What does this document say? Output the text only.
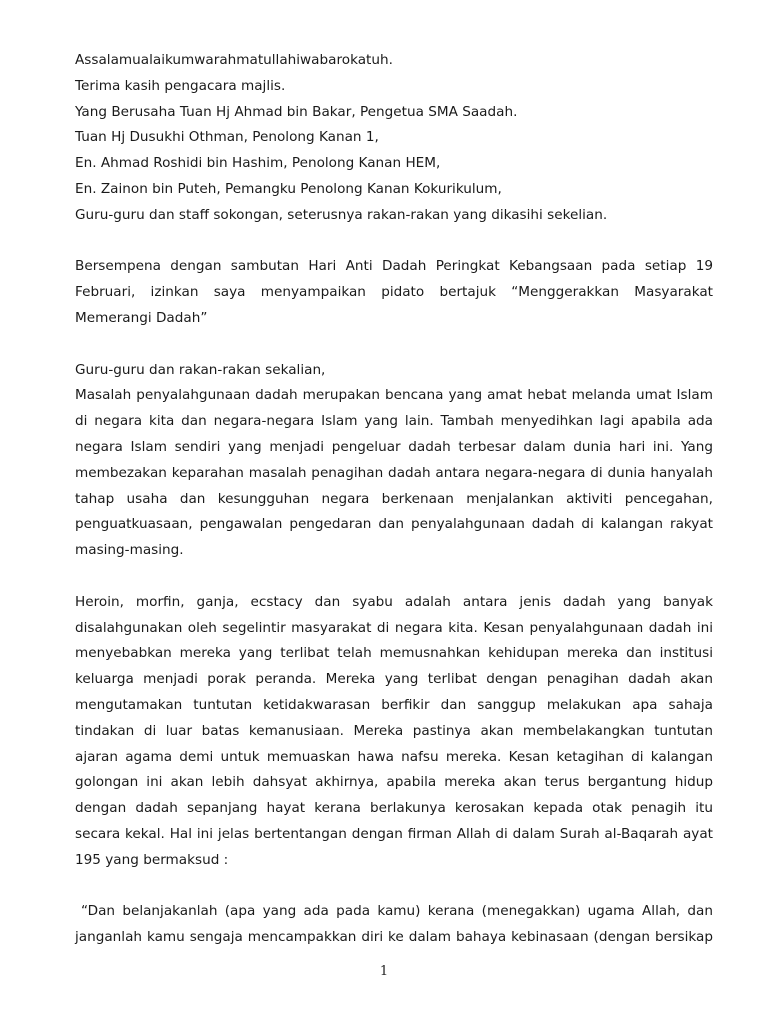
Assalamualaikumwarahmatullahiwabarokatuh.
Terima kasih pengacara majlis.
Yang Berusaha Tuan Hj Ahmad bin Bakar, Pengetua SMA Saadah.
Tuan Hj Dusukhi Othman, Penolong Kanan 1,
En. Ahmad Roshidi bin Hashim, Penolong Kanan HEM,
En. Zainon bin Puteh, Pemangku Penolong Kanan Kokurikulum,
Guru-guru dan staff sokongan, seterusnya rakan-rakan yang dikasihi sekelian.
Bersempena dengan sambutan Hari Anti Dadah Peringkat Kebangsaan pada setiap 19 Februari, izinkan saya menyampaikan pidato bertajuk “Menggerakkan Masyarakat Memerangi Dadah”
Guru-guru dan rakan-rakan sekalian,
Masalah penyalahgunaan dadah merupakan bencana yang amat hebat melanda umat Islam di negara kita dan negara-negara Islam yang lain. Tambah menyedihkan lagi apabila ada negara Islam sendiri yang menjadi pengeluar dadah terbesar dalam dunia hari ini. Yang membezakan keparahan masalah penagihan dadah antara negara-negara di dunia hanyalah tahap usaha dan kesungguhan negara berkenaan menjalankan aktiviti pencegahan, penguatkuasaan, pengawalan pengedaran dan penyalahgunaan dadah di kalangan rakyat masing-masing.
Heroin, morfin, ganja, ecstacy dan syabu adalah antara jenis dadah yang banyak disalahgunakan oleh segelintir masyarakat di negara kita. Kesan penyalahgunaan dadah ini menyebabkan mereka yang terlibat telah memusnahkan kehidupan mereka dan institusi keluarga menjadi porak peranda. Mereka yang terlibat dengan penagihan dadah akan mengutamakan tuntutan ketidakwarasan berfikir dan sanggup melakukan apa sahaja tindakan di luar batas kemanusiaan. Mereka pastinya akan membelakangkan tuntutan ajaran agama demi untuk memuaskan hawa nafsu mereka. Kesan ketagihan di kalangan golongan ini akan lebih dahsyat akhirnya, apabila mereka akan terus bergantung hidup dengan dadah sepanjang hayat kerana berlakunya kerosakan kepada otak penagih itu secara kekal. Hal ini jelas bertentangan dengan firman Allah di dalam Surah al-Baqarah ayat 195 yang bermaksud :
“Dan belanjakanlah (apa yang ada pada kamu) kerana (menegakkan) ugama Allah, dan janganlah kamu sengaja mencampakkan diri ke dalam bahaya kebinasaan (dengan bersikap
1
